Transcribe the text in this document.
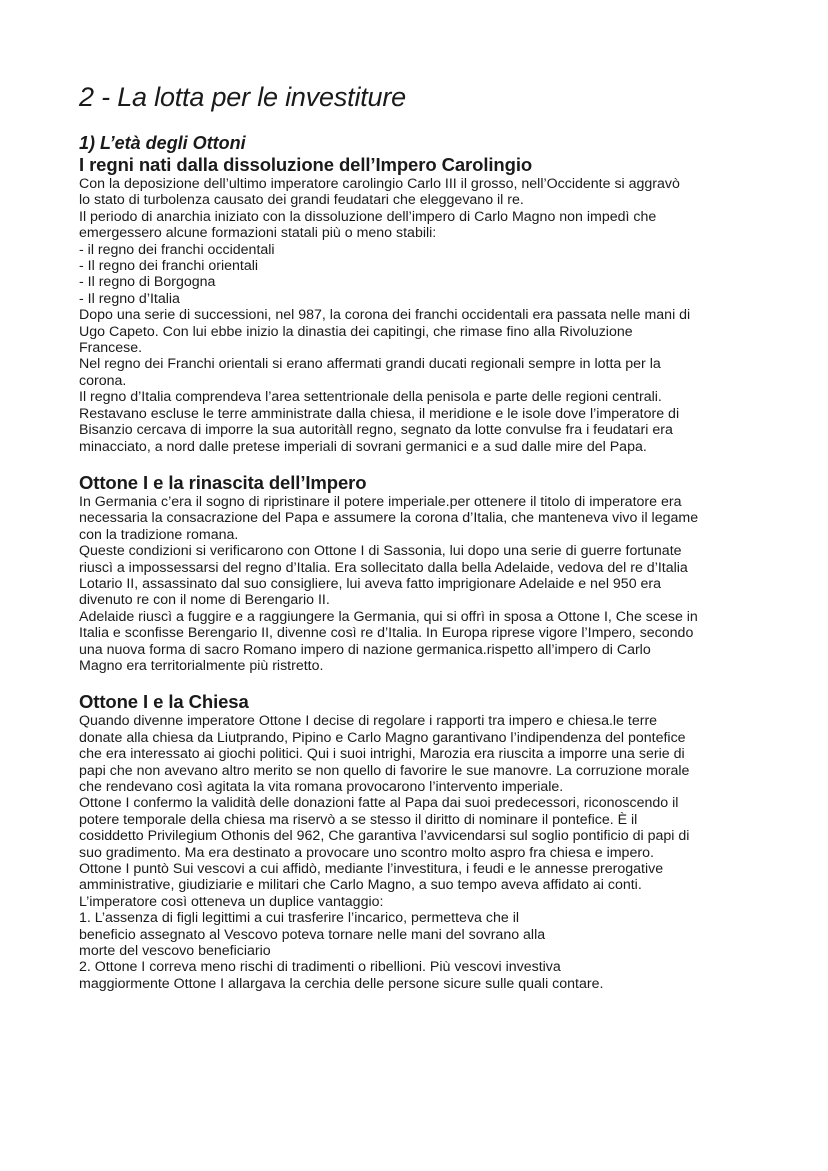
2 - La lotta per le investiture
1) L’età degli Ottoni
I regni nati dalla dissoluzione dell’Impero Carolingio
Con la deposizione dell’ultimo imperatore carolingio Carlo III il grosso, nell’Occidente si aggravò
lo stato di turbolenza causato dei grandi feudatari che eleggevano il re.
Il periodo di anarchia iniziato con la dissoluzione dell’impero di Carlo Magno non impedì che
emergessero alcune formazioni statali più o meno stabili:
- il regno dei franchi occidentali
- Il regno dei franchi orientali
- Il regno di Borgogna
- Il regno d’Italia
Dopo una serie di successioni, nel 987, la corona dei franchi occidentali era passata nelle mani di
Ugo Capeto. Con lui ebbe inizio la dinastia dei capitingi, che rimase fino alla Rivoluzione
Francese.
Nel regno dei Franchi orientali si erano affermati grandi ducati regionali sempre in lotta per la
corona.
Il regno d’Italia comprendeva l’area settentrionale della penisola e parte delle regioni centrali.
Restavano escluse le terre amministrate dalla chiesa, il meridione e le isole dove l’imperatore di
Bisanzio cercava di imporre la sua autoritàll regno, segnato da lotte convulse fra i feudatari era
minacciato, a nord dalle pretese imperiali di sovrani germanici e a sud dalle mire del Papa.
Ottone I e la rinascita dell’Impero
In Germania c’era il sogno di ripristinare il potere imperiale.per ottenere il titolo di imperatore era
necessaria la consacrazione del Papa e assumere la corona d’Italia, che manteneva vivo il legame
con la tradizione romana.
Queste condizioni si verificarono con Ottone I di Sassonia, lui dopo una serie di guerre fortunate
riuscì a impossessarsi del regno d’Italia. Era sollecitato dalla bella Adelaide, vedova del re d’Italia
Lotario II, assassinato dal suo consigliere, lui aveva fatto imprigionare Adelaide e nel 950 era
divenuto re con il nome di Berengario II.
Adelaide riuscì a fuggire e a raggiungere la Germania, qui si offrì in sposa a Ottone I, Che scese in
Italia e sconfisse Berengario II, divenne così re d’Italia. In Europa riprese vigore l’Impero, secondo
una nuova forma di sacro Romano impero di nazione germanica.rispetto all’impero di Carlo
Magno era territorialmente più ristretto.
Ottone I e la Chiesa
Quando divenne imperatore Ottone I decise di regolare i rapporti tra impero e chiesa.le terre
donate alla chiesa da Liutprando, Pipino e Carlo Magno garantivano l’indipendenza del pontefice
che era interessato ai giochi politici. Qui i suoi intrighi, Marozia era riuscita a imporre una serie di
papi che non avevano altro merito se non quello di favorire le sue manovre. La corruzione morale
che rendevano così agitata la vita romana provocarono l’intervento imperiale.
Ottone I confermo la validità delle donazioni fatte al Papa dai suoi predecessori, riconoscendo il
potere temporale della chiesa ma riservò a se stesso il diritto di nominare il pontefice. È il
cosiddetto Privilegium Othonis del 962, Che garantiva l’avvicendarsi sul soglio pontificio di papi di
suo gradimento. Ma era destinato a provocare uno scontro molto aspro fra chiesa e impero.
Ottone I puntò Sui vescovi a cui affidò, mediante l’investitura, i feudi e le annesse prerogative
amministrative, giudiziarie e militari che Carlo Magno, a suo tempo aveva affidato ai conti.
L’imperatore così otteneva un duplice vantaggio:
1. L’assenza di figli legittimi a cui trasferire l’incarico, permetteva che il
beneficio assegnato al Vescovo poteva tornare nelle mani del sovrano alla
morte del vescovo beneficiario
2. Ottone I correva meno rischi di tradimenti o ribellioni. Più vescovi investiva
maggiormente Ottone I allargava la cerchia delle persone sicure sulle quali contare.
